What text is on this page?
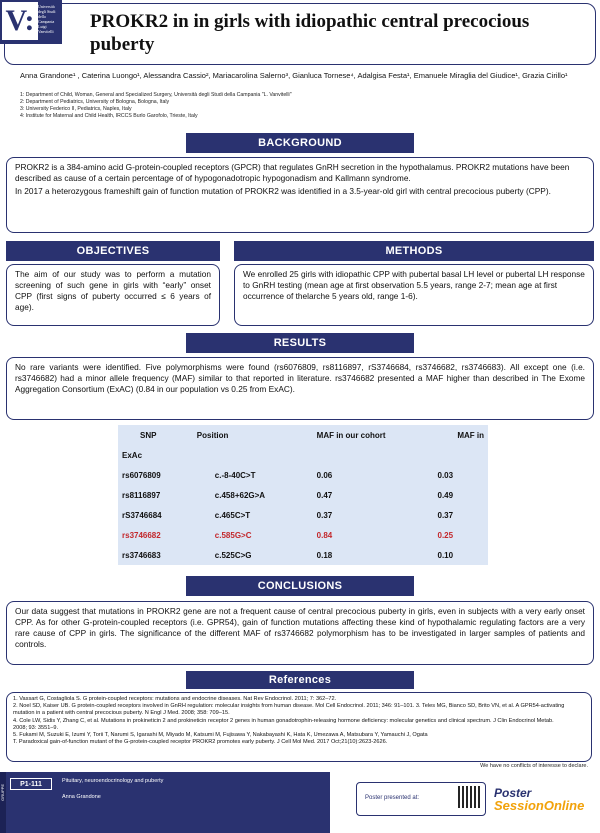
V: Università degli Studi della Campania Luigi Vanvitelli	PROKR2 in in girls with idiopathic central precocious puberty
Anna Grandone¹ , Caterina Luongo¹, Alessandra Cassio², Mariacarolina Salerno³, Gianluca Tornese⁴, Adalgisa Festa¹, Emanuele Miraglia del Giudice¹, Grazia Cirillo¹
1: Department of Child, Woman, General and Specialized Surgery, Università degli Studi della Campania "L. Vanvitelli"
2: Department of Pediatrics, University of Bologna, Bologna, Italy
3: University Federico II, Pediatrics, Naples, Italy
4: Institute for Maternal and Child Health, IRCCS Burlo Garofolo, Trieste, Italy
BACKGROUND

PROKR2 is a 384-amino acid G-protein-coupled receptors (GPCR) that regulates GnRH secretion in the hypothalamus. PROKR2 mutations have been described as cause of a certain percentage of of hypogonadotropic hypogonadism and Kallmann syndrome.

In 2017 a heterozygous frameshift gain of function mutation of PROKR2 was identified in a 3.5-year-old girl with central precocious puberty (CPP).

OBJECTIVES

The aim of our study was to perform a mutation screening of such gene in girls with “early” onset CPP (first signs of puberty occurred ≤ 6 years of age).

METHODS

We enrolled 25 girls with idiopathic CPP with pubertal basal LH level or pubertal LH response to GnRH testing (mean age at first observation 5.5 years, range 2-7; mean age at first occurrence of thelarche 5 years old, range 1-6).

RESULTS

No rare variants were identified. Five polymorphisms were found (rs6076809, rs8116897, rS3746684, rs3746682, rs3746683). All except one (i.e. rs3746682) had a minor allele frequency (MAF) similar to that reported in literature. rs3746682 presented a MAF higher than described in The Exome Aggregation Consortium (ExAC) (0.84 in our population vs 0.25 from ExAC).

SNP	Position	MAF in our cohort	MAF in
ExAc			
rs6076809	c.-8-40C>T	0.06	0.03
rs8116897	c.458+62G>A	0.47	0.49
rS3746684	c.465C>T	0.37	0.37
rs3746682	c.585G>C	0.84	0.25
rs3746683	c.525C>G	0.18	0.10
CONCLUSIONS

Our data suggest that mutations in PROKR2 gene are not a frequent cause of central precocious puberty in girls, even in subjects with a very early onset CPP. As for other G-protein-coupled receptors (i.e. GPR54), gain of function mutations affecting these kind of hypothalamic regulating factors are a very rare cause of CPP in girls. The significance of the different MAF of rs3746682 polymorphism has to be investigated in larger samples of patients and controls.

References
1. Vassart G, Costagliola S. G protein-coupled receptors: mutations and endocrine diseases. Nat Rev Endocrinol. 2011; 7: 362–72.
2. Noel SD, Kaiser UB. G protein-coupled receptors involved in GnRH regulation: molecular insights from human disease. Mol Cell Endocrinol. 2011; 346: 91–101. 3. Teles MG, Bianco SD, Brito VN, et al. A GPR54-activating mutation in a patient with central precocious puberty. N Engl J Med. 2008; 358: 709–15.
4. Cole LW, Sidis Y, Zhang C, et al. Mutations in prokineticin 2 and prokineticin receptor 2 genes in human gonadotrophin-releasing hormone deficiency: molecular genetics and clinical spectrum. J Clin Endocrinol Metab.
2008; 93: 3551–9.
5. Fukami M, Suzuki E, Izumi Y, Torii T, Narumi S, Igarashi M, Miyado M, Katsumi M, Fujisawa Y, Nakabayashi K, Hata K, Umezawa A, Matsubara Y, Yamauchi J, Ogata
T. Paradoxical gain-of-function mutant of the G-protein-coupled receptor PROKR2 promotes early puberty. J Cell Mol Med. 2017 Oct;21(10):2623-2626.
We have no conflicts of interesse to declare.
GRUPPE	P1-111	Pituitary, neuroendocrinology and puberty
Anna Grandone	Poster presented at:	Poster
SessionOnline
